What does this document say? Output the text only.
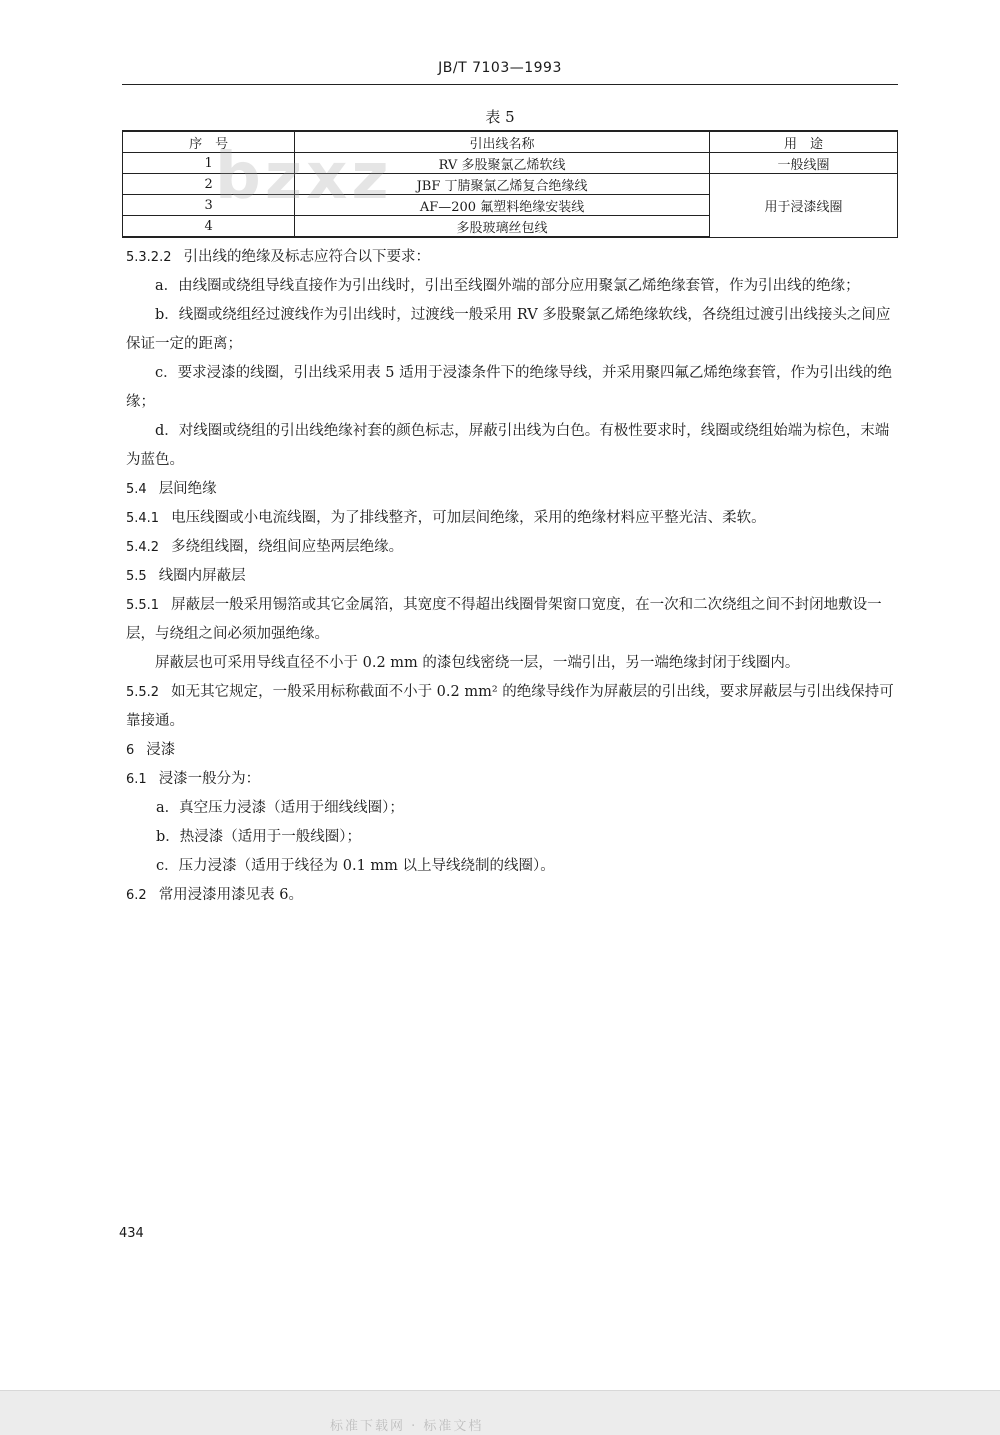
JB/T 7103—1993
表 5
bzxz
序　号	引出线名称	用　途
1	RV 多股聚氯乙烯软线	一般线圈
2	JBF 丁腈聚氯乙烯复合绝缘线	用于浸漆线圈
3	AF—200 氟塑料绝缘安装线	
4	多股玻璃丝包线	

5.3.2.2 引出线的绝缘及标志应符合以下要求：

a．由线圈或绕组导线直接作为引出线时，引出至线圈外端的部分应用聚氯乙烯绝缘套管，作为引出线的绝缘；

b．线圈或绕组经过渡线作为引出线时，过渡线一般采用 RV 多股聚氯乙烯绝缘软线，各绕组过渡引出线接头之间应保证一定的距离；

c．要求浸漆的线圈，引出线采用表 5 适用于浸漆条件下的绝缘导线，并采用聚四氟乙烯绝缘套管，作为引出线的绝缘；

d．对线圈或绕组的引出线绝缘衬套的颜色标志，屏蔽引出线为白色。有极性要求时，线圈或绕组始端为棕色，末端为蓝色。

5.4 层间绝缘

5.4.1 电压线圈或小电流线圈，为了排线整齐，可加层间绝缘，采用的绝缘材料应平整光洁、柔软。

5.4.2 多绕组线圈，绕组间应垫两层绝缘。

5.5 线圈内屏蔽层

5.5.1 屏蔽层一般采用锡箔或其它金属箔，其宽度不得超出线圈骨架窗口宽度，在一次和二次绕组之间不封闭地敷设一层，与绕组之间必须加强绝缘。

屏蔽层也可采用导线直径不小于 0.2 mm 的漆包线密绕一层，一端引出，另一端绝缘封闭于线圈内。

5.5.2 如无其它规定，一般采用标称截面不小于 0.2 mm² 的绝缘导线作为屏蔽层的引出线，要求屏蔽层与引出线保持可靠接通。

6 浸漆

6.1 浸漆一般分为：

a．真空压力浸漆（适用于细线线圈）；

b．热浸漆（适用于一般线圈）；

c．压力浸漆（适用于线径为 0.1 mm 以上导线绕制的线圈）。

6.2 常用浸漆用漆见表 6。

434
标准下载网 · 标准文档
